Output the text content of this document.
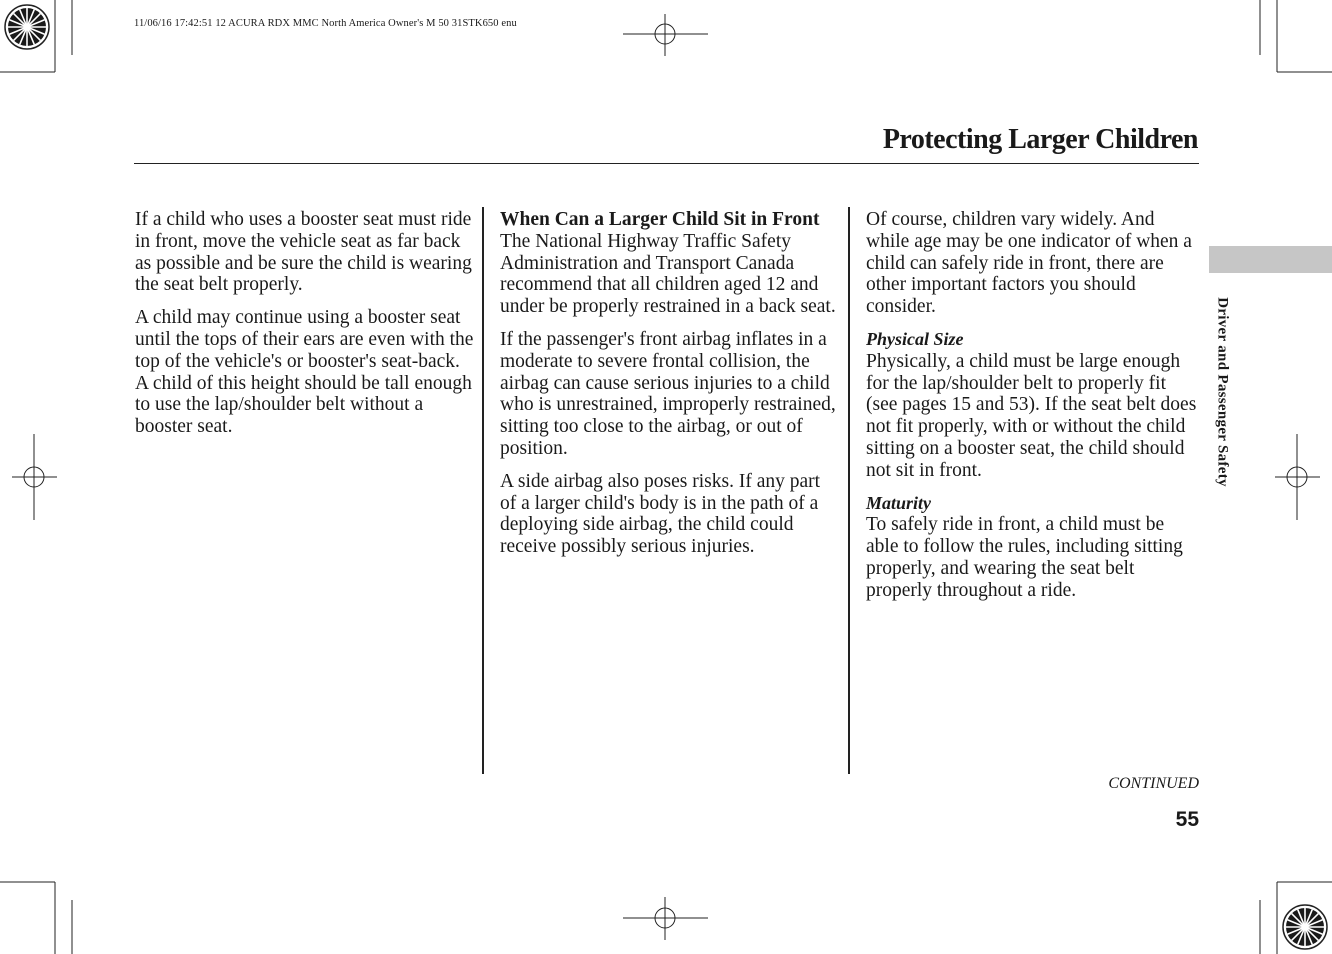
11/06/16 17:42:51 12 ACURA RDX MMC North America Owner's M 50 31STK650 enu
Protecting Larger Children

If a child who uses a booster seat must ride in front, move the vehicle seat as far back as possible and be sure the child is wearing the seat belt properly.

A child may continue using a booster seat until the tops of their ears are even with the top of the vehicle's or booster's seat-back. A child of this height should be tall enough to use the lap/shoulder belt without a booster seat.

When Can a Larger Child Sit in Front

The National Highway Traffic Safety Administration and Transport Canada recommend that all children aged 12 and under be properly restrained in a back seat.

If the passenger's front airbag inflates in a moderate to severe frontal collision, the airbag can cause serious injuries to a child who is unrestrained, improperly restrained, sitting too close to the airbag, or out of position.

A side airbag also poses risks. If any part of a larger child's body is in the path of a deploying side airbag, the child could receive possibly serious injuries.

Of course, children vary widely. And while age may be one indicator of when a child can safely ride in front, there are other important factors you should consider.

Physical Size

Physically, a child must be large enough for the lap/shoulder belt to properly fit (see pages 15 and 53). If the seat belt does not fit properly, with or without the child sitting on a booster seat, the child should not sit in front.

Maturity

To safely ride in front, a child must be able to follow the rules, including sitting properly, and wearing the seat belt properly throughout a ride.

Driver and Passenger Safety
CONTINUED
55
